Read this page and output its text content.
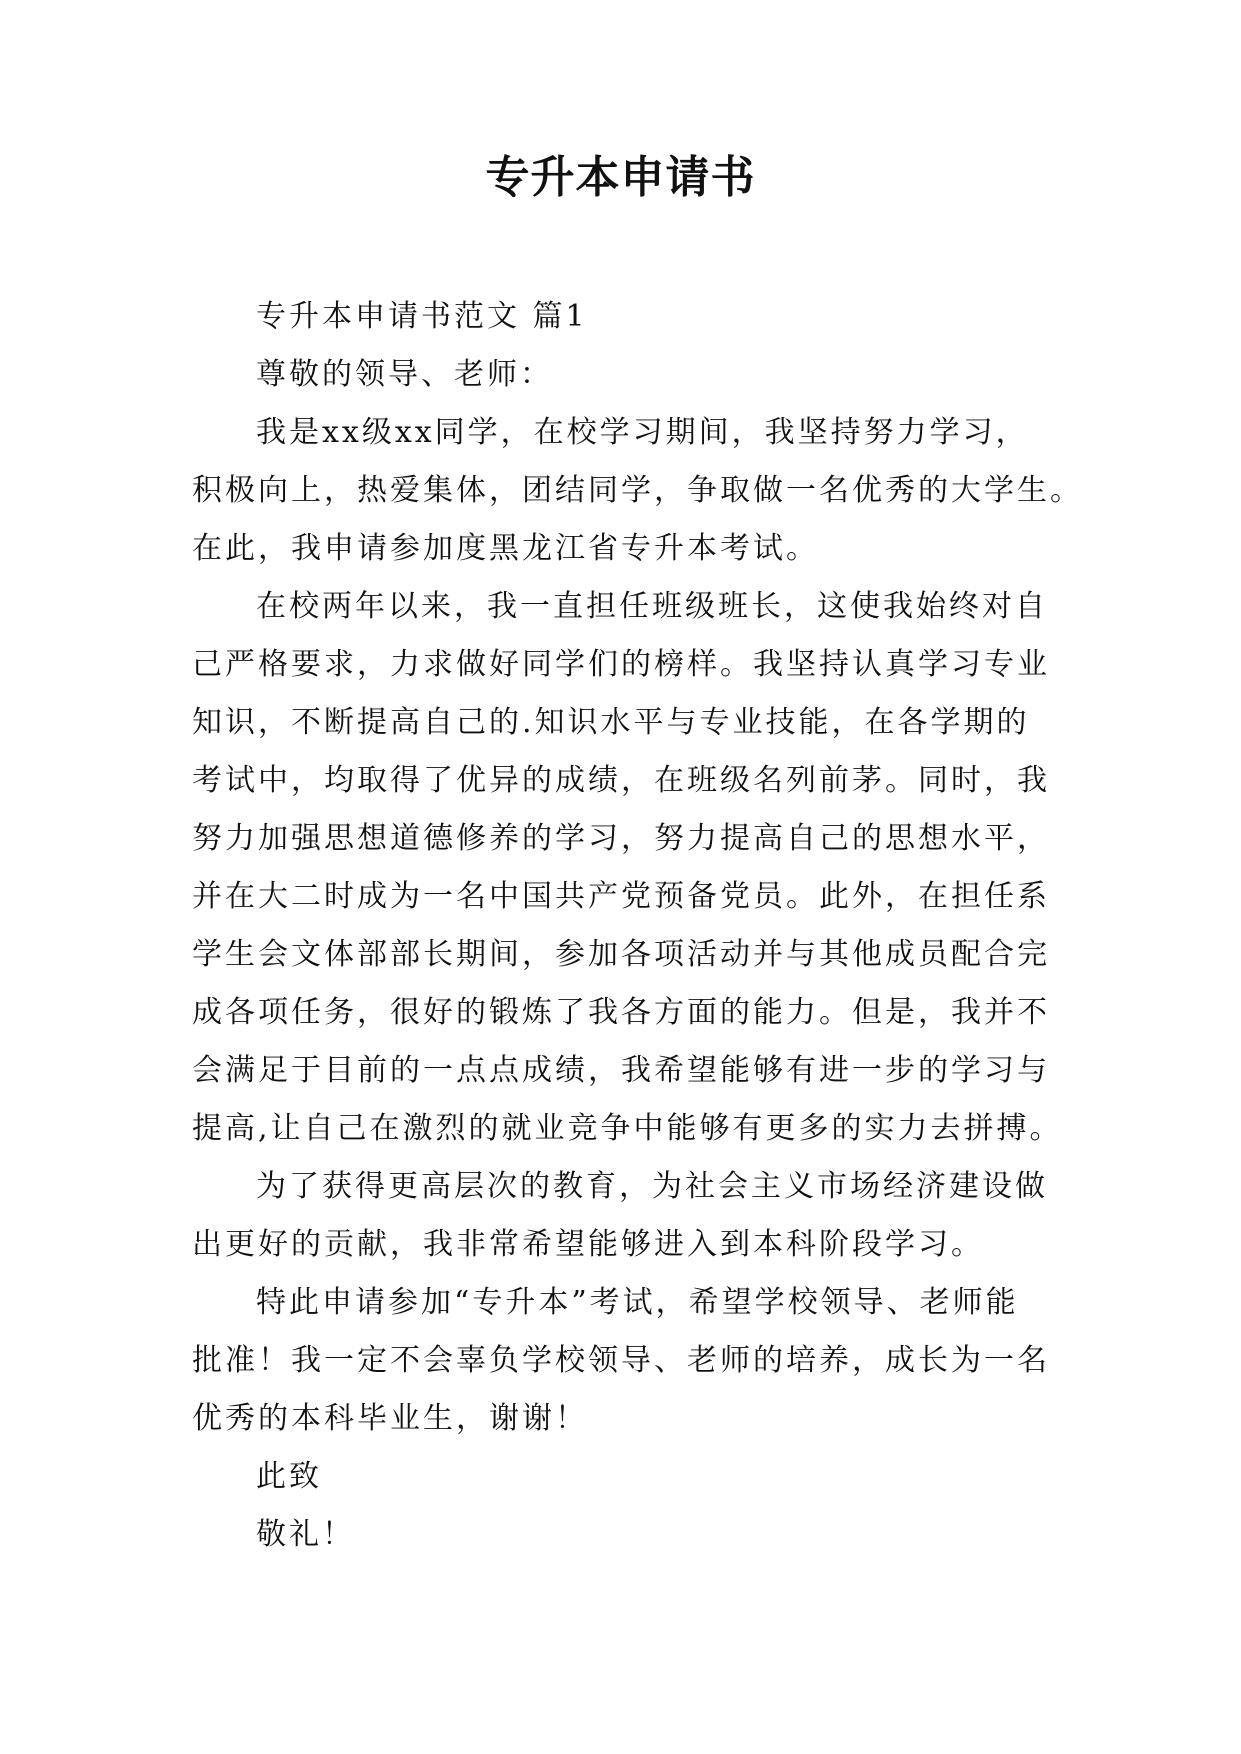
专升本申请书
专升本申请书范文 篇1
尊敬的领导、老师：
我是xx级xx同学，在校学习期间，我坚持努力学习，
积极向上，热爱集体，团结同学，争取做一名优秀的大学生。
在此，我申请参加度黑龙江省专升本考试。
在校两年以来，我一直担任班级班长，这使我始终对自
己严格要求，力求做好同学们的榜样。我坚持认真学习专业
知识，不断提高自己的.知识水平与专业技能，在各学期的
考试中，均取得了优异的成绩，在班级名列前茅。同时，我
努力加强思想道德修养的学习，努力提高自己的思想水平，
并在大二时成为一名中国共产党预备党员。此外，在担任系
学生会文体部部长期间，参加各项活动并与其他成员配合完
成各项任务，很好的锻炼了我各方面的能力。但是，我并不
会满足于目前的一点点成绩，我希望能够有进一步的学习与
提高,让自己在激烈的就业竞争中能够有更多的实力去拼搏。
为了获得更高层次的教育，为社会主义市场经济建设做
出更好的贡献，我非常希望能够进入到本科阶段学习。
特此申请参加“专升本”考试，希望学校领导、老师能
批准！我一定不会辜负学校领导、老师的培养，成长为一名
优秀的本科毕业生，谢谢！
此致
敬礼！
